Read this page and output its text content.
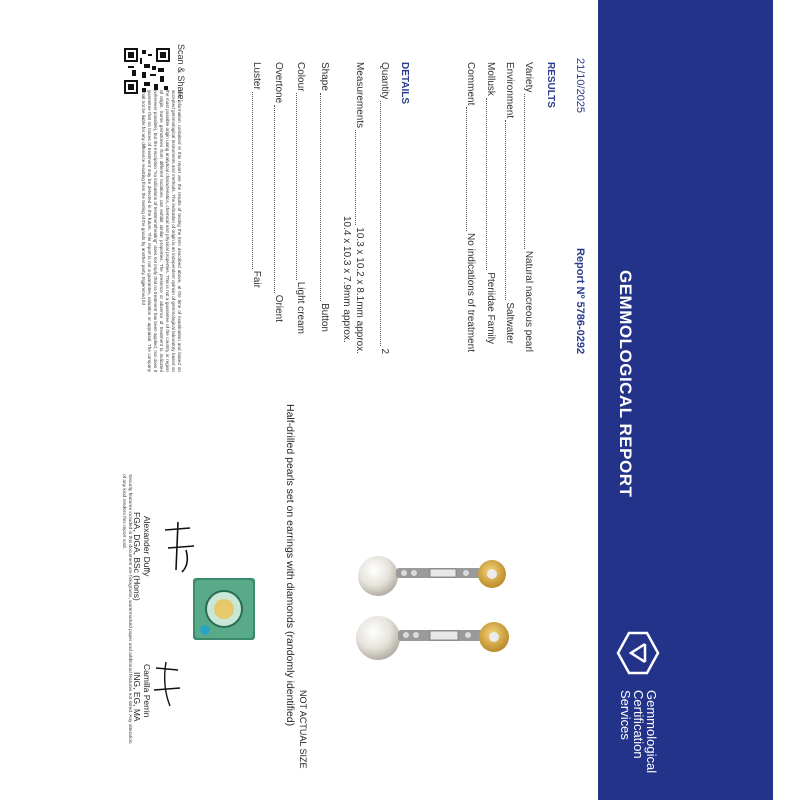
GEMMOLOGICAL REPORT
Gemmological
Certification
Services
Report Nº 5786-0292
21/10/2025
RESULTS
Variety
Natural nacreous pearl
Environment
Saltwater
Mollusk
Pteriidae Family
Comment
No indications of treatment
DETAILS
Quantity
2
Measurements
10.3 x 10.2 x 8.1mm approx.
10.4 x 10.3 x 7.9mm approx.
Shape
Button
Colour
Light cream
Overtone
Orient
Luster
Fair
Scan & Share:
The information contained in this report are the results of testing the item described above, at the time of examination and based on accepted gemmological instruments and methods. The indication of origin is an independent opinion of gemmological laboratory based on the most possible origin using analytical characteristics, chemical and physical properties. This is not a guarantee of the country or region of origin. Some gemstones from different locations can exhibit similar properties. The presence or absence of treatment is indicated (wherever possible), but the inscription "no indications of treatment/heating" does not imply that no treatment has been applied, nor does it guarantee that no traces of treatment may be detected in the future. This report is not a guarantee, valuation or appraisal. The company shall not be liable for any difference resulting from the testing of the goods by another party. Egjemmed ltd
Half-drilled pearls set on earrings with diamonds (randomly identified)
NOT ACTUAL SIZE
Alexander Duffy
FGA, DGA, BSc (Hons)
Camilla Perrin
ING, EG, MA
Security features included in this document are holograms, watermarked paper and additional features not listed. Any alteration of any kind renders this report void.
